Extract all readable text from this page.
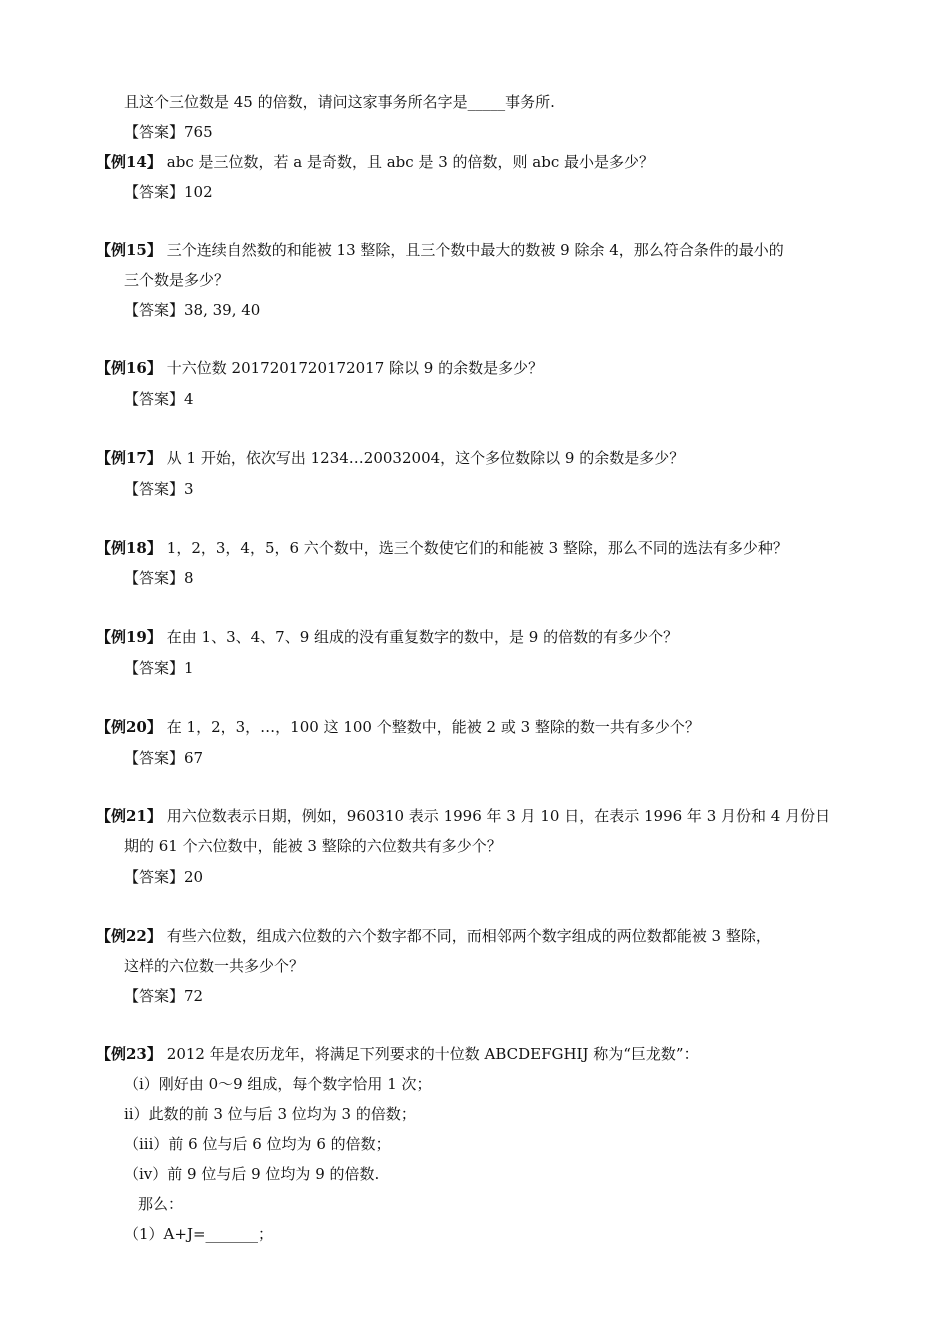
且这个三位数是 45 的倍数，请问这家事务所名字是_____事务所.
【答案】765
【例14】 abc 是三位数，若 a 是奇数，且 abc 是 3 的倍数，则 abc 最小是多少？
【答案】102
【例15】 三个连续自然数的和能被 13 整除，且三个数中最大的数被 9 除余 4，那么符合条件的最小的
三个数是多少？
【答案】38, 39, 40
【例16】 十六位数 2017201720172017 除以 9 的余数是多少？
【答案】4
【例17】 从 1 开始，依次写出 1234…20032004，这个多位数除以 9 的余数是多少？
【答案】3
【例18】 1，2，3，4，5，6 六个数中，选三个数使它们的和能被 3 整除，那么不同的选法有多少种？
【答案】8
【例19】 在由 1、3、4、7、9 组成的没有重复数字的数中，是 9 的倍数的有多少个？
【答案】1
【例20】 在 1，2，3，…，100 这 100 个整数中，能被 2 或 3 整除的数一共有多少个？
【答案】67
【例21】 用六位数表示日期，例如，960310 表示 1996 年 3 月 10 日，在表示 1996 年 3 月份和 4 月份日
期的 61 个六位数中，能被 3 整除的六位数共有多少个？
【答案】20
【例22】 有些六位数，组成六位数的六个数字都不同，而相邻两个数字组成的两位数都能被 3 整除，
这样的六位数一共多少个？
【答案】72
【例23】 2012 年是农历龙年，将满足下列要求的十位数 ABCDEFGHIJ 称为“巨龙数”：
（i）刚好由 0～9 组成，每个数字恰用 1 次；
ii）此数的前 3 位与后 3 位均为 3 的倍数；
（iii）前 6 位与后 6 位均为 6 的倍数；
（iv）前 9 位与后 9 位均为 9 的倍数.
那么：
（1）A+J=_______；
